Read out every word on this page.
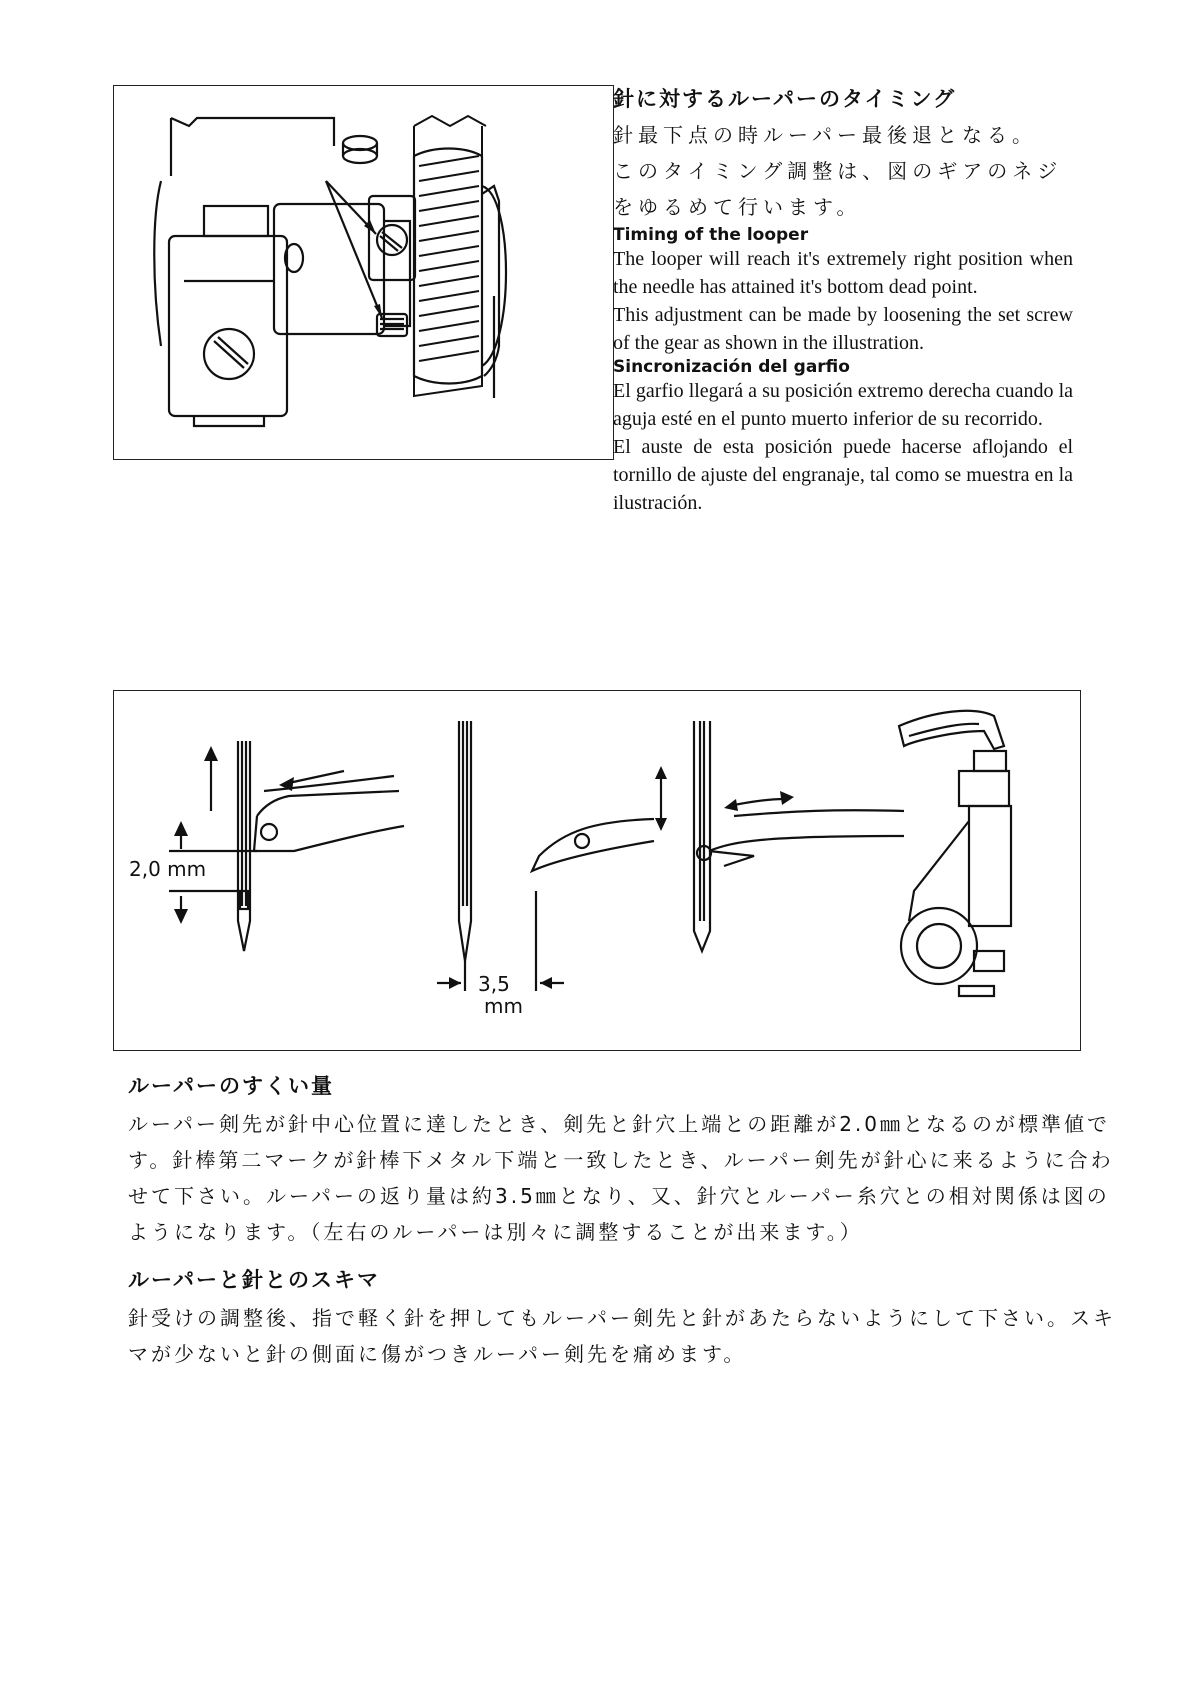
針に対するルーパーのタイミング

針最下点の時ルーパー最後退となる。

このタイミング調整は、図のギアのネジ

をゆるめて行います。

Timing of the looper

The looper will reach it's extremely right position when the needle has attained it's bottom dead point.

This adjustment can be made by loosening the set screw of the gear as shown in the illustration.

Sincronización del garfio

El garfio llegará a su posición extremo derecha cuando la aguja esté en el punto muerto inferior de su recorrido.

El auste de esta posición puede hacerse aflojando el tornillo de ajuste del engranaje, tal como se muestra en la ilustración.

2,0 mm
3,5
mm

ルーパーのすくい量

ルーパー剣先が針中心位置に達したとき、剣先と針穴上端との距離が2.0㎜となるのが標準値です。針棒第二マークが針棒下メタル下端と一致したとき、ルーパー剣先が針心に来るように合わせて下さい。ルーパーの返り量は約3.5㎜となり、又、針穴とルーパー糸穴との相対関係は図のようになります。（左右のルーパーは別々に調整することが出来ます。）

ルーパーと針とのスキマ

針受けの調整後、指で軽く針を押してもルーパー剣先と針があたらないようにして下さい。スキマが少ないと針の側面に傷がつきルーパー剣先を痛めます。
